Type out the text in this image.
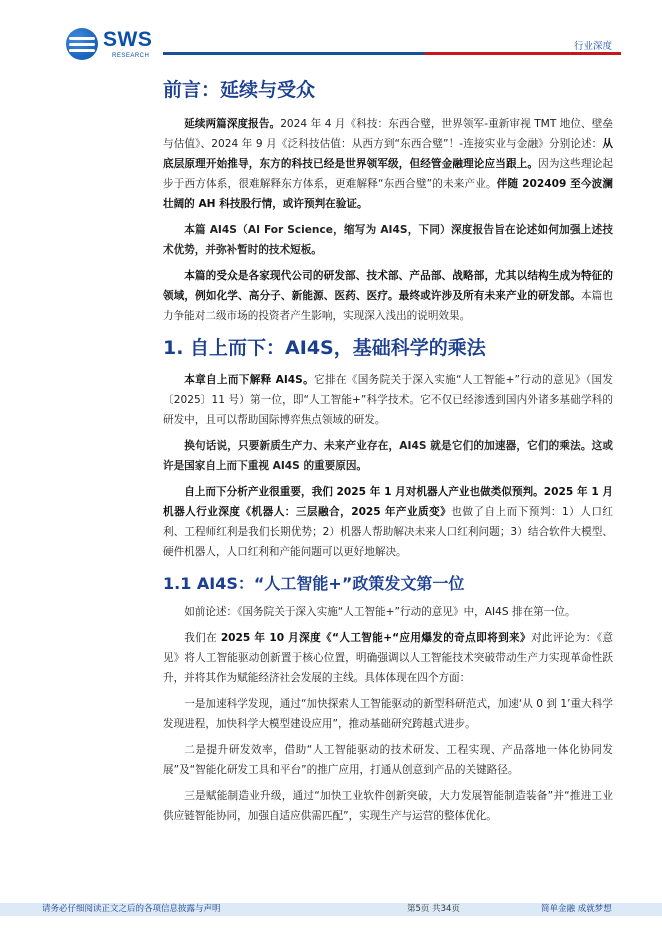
SWS
RESEARCH
行业深度
前言：延续与受众

延续两篇深度报告。2024 年 4 月《科技：东西合璧，世界领军-重新审视 TMT 地位、壁垒与估值》、2024 年 9 月《泛科技估值：从西方到“东西合璧”！-连接实业与金融》分别论述：从底层原理开始推导，东方的科技已经是世界领军级，但经管金融理论应当跟上。因为这些理论起步于西方体系，很难解释东方体系，更难解释“东西合璧”的未来产业。伴随 202409 至今波澜壮阔的 AH 科技股行情，或许预判在验证。

本篇 AI4S（AI For Science，缩写为 AI4S，下同）深度报告旨在论述如何加强上述技术优势，并弥补暂时的技术短板。

本篇的受众是各家现代公司的研发部、技术部、产品部、战略部，尤其以结构生成为特征的领域，例如化学、高分子、新能源、医药、医疗。最终或许涉及所有未来产业的研发部。本篇也力争能对二级市场的投资者产生影响，实现深入浅出的说明效果。

1. 自上而下：AI4S，基础科学的乘法

本章自上而下解释 AI4S。它排在《国务院关于深入实施“人工智能+”行动的意见》（国发〔2025〕11 号）第一位，即“人工智能+”科学技术。它不仅已经渗透到国内外诸多基础学科的研发中，且可以帮助国际博弈焦点领域的研发。

换句话说，只要新质生产力、未来产业存在，AI4S 就是它们的加速器，它们的乘法。这或许是国家自上而下重视 AI4S 的重要原因。

自上而下分析产业很重要，我们 2025 年 1 月对机器人产业也做类似预判。2025 年 1 月机器人行业深度《机器人：三层融合，2025 年产业质变》也做了自上而下预判：1）人口红利、工程师红利是我们长期优势；2）机器人帮助解决未来人口红利问题；3）结合软件大模型、硬件机器人，人口红利和产能问题可以更好地解决。

1.1 AI4S：“人工智能+”政策发文第一位

如前论述：《国务院关于深入实施“人工智能+”行动的意见》中，AI4S 排在第一位。

我们在 2025 年 10 月深度《“人工智能+“应用爆发的奇点即将到来》对此评论为：《意见》将人工智能驱动创新置于核心位置，明确强调以人工智能技术突破带动生产力实现革命性跃升，并将其作为赋能经济社会发展的主线。具体体现在四个方面：

一是加速科学发现，通过“加快探索人工智能驱动的新型科研范式，加速‘从 0 到 1’重大科学发现进程，加快科学大模型建设应用”，推动基础研究跨越式进步。

二是提升研发效率，借助“人工智能驱动的技术研发、工程实现、产品落地一体化协同发展”及“智能化研发工具和平台”的推广应用，打通从创意到产品的关键路径。

三是赋能制造业升级，通过“加快工业软件创新突破，大力发展智能制造装备”并“推进工业供应链智能协同，加强自适应供需匹配”，实现生产与运营的整体优化。

请务必仔细阅读正文之后的各项信息披露与声明	第5页 共34页	简单金融 成就梦想
